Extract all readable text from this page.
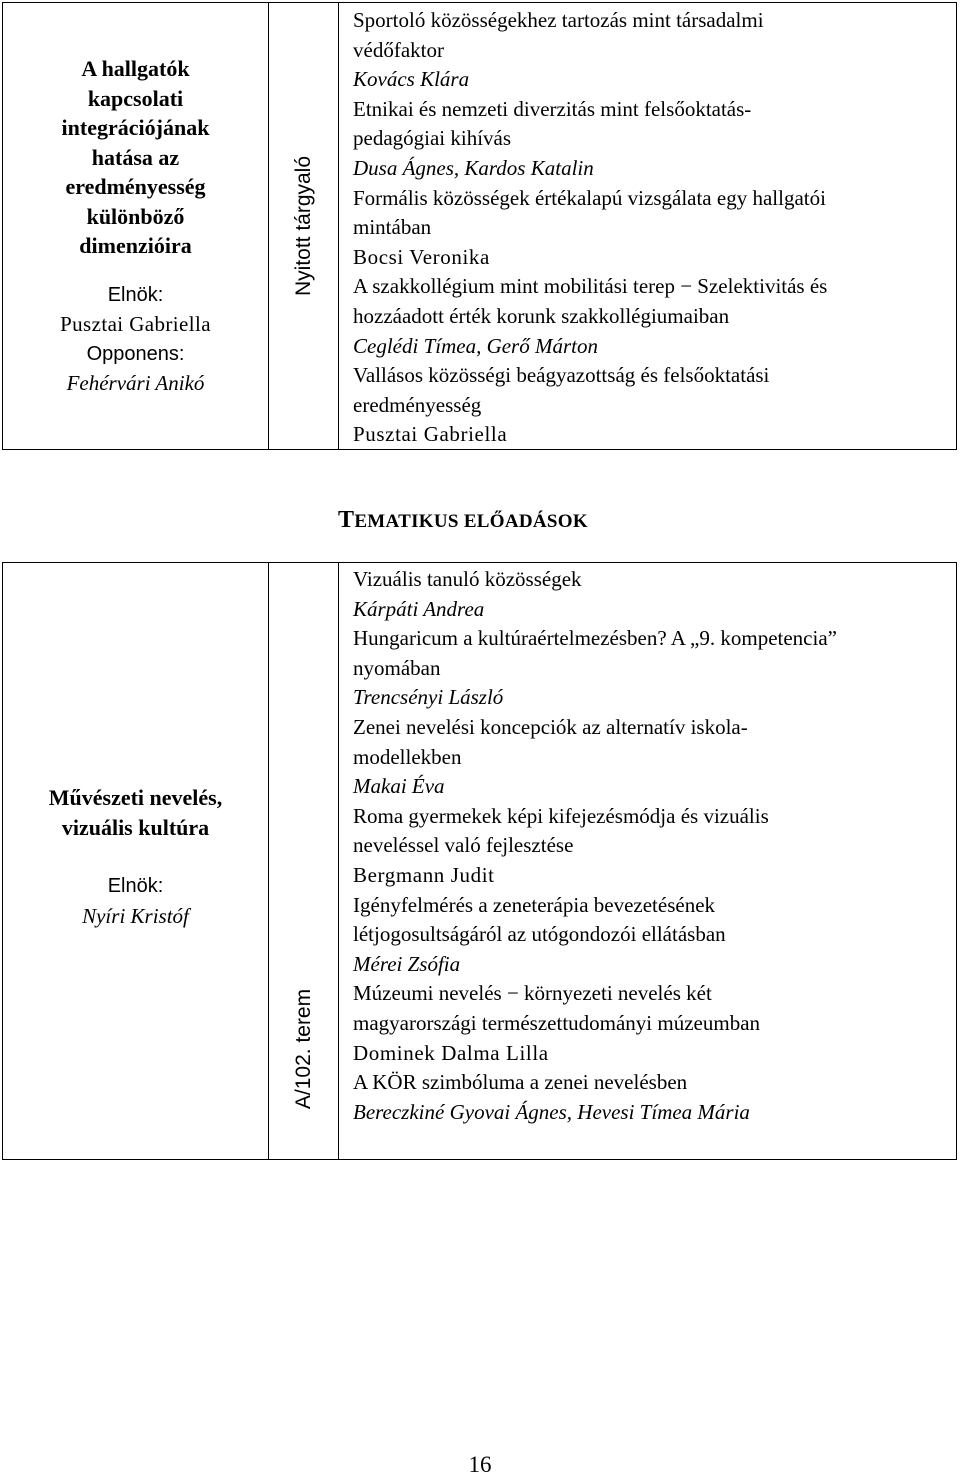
A hallgatók

kapcsolati

integrációjának

hatása az

eredményesség

különböző

dimenzióira

Elnök:

Pusztai Gabriella

Opponens:

Fehérvári Anikó

Nyitott tárgyaló

Sportoló közösségekhez tartozás mint társadalmi

védőfaktor

Kovács Klára

Etnikai és nemzeti diverzitás mint felsőoktatás-

pedagógiai kihívás

Dusa Ágnes, Kardos Katalin

Formális közösségek értékalapú vizsgálata egy hallgatói

mintában

Bocsi Veronika

A szakkollégium mint mobilitási terep − Szelektivitás és

hozzáadott érték korunk szakkollégiumaiban

Ceglédi Tímea, Gerő Márton

Vallásos közösségi beágyazottság és felsőoktatási

eredményesség

Pusztai Gabriella

TEMATIKUS ELŐADÁSOK

Művészeti nevelés,

vizuális kultúra

Elnök:

Nyíri Kristóf

A/102. terem

Vizuális tanuló közösségek

Kárpáti Andrea

Hungaricum a kultúraértelmezésben? A „9. kompetencia”

nyomában

Trencsényi László

Zenei nevelési koncepciók az alternatív iskola-

modellekben

Makai Éva

Roma gyermekek képi kifejezésmódja és vizuális

neveléssel való fejlesztése

Bergmann Judit

Igényfelmérés a zeneterápia bevezetésének

létjogosultságáról az utógondozói ellátásban

Mérei Zsófia

Múzeumi nevelés − környezeti nevelés két

magyarországi természettudományi múzeumban

Dominek Dalma Lilla

A KÖR szimbóluma a zenei nevelésben

Bereczkiné Gyovai Ágnes, Hevesi Tímea Mária

16
